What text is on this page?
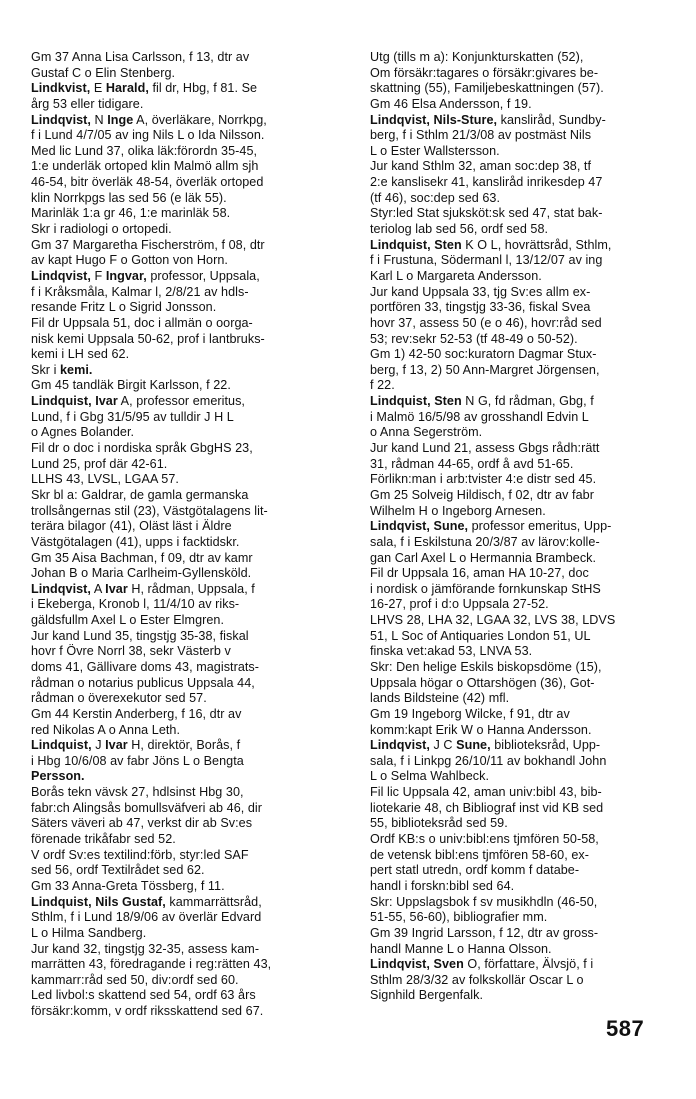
Gm 37 Anna Lisa Carlsson, f 13, dtr av
Gustaf C o Elin Stenberg.
Lindkvist, E Harald, fil dr, Hbg, f 81. Se
årg 53 eller tidigare.
Lindqvist, N Inge A, överläkare, Norrkpg,
f i Lund 4/7/05 av ing Nils L o Ida Nilsson.
Med lic Lund 37, olika läk:förordn 35-45,
1:e underläk ortoped klin Malmö allm sjh
46-54, bitr överläk 48-54, överläk ortoped
klin Norrkpgs las sed 56 (e läk 55).
Marinläk 1:a gr 46, 1:e marinläk 58.
Skr i radiologi o ortopedi.
Gm 37 Margaretha Fischerström, f 08, dtr
av kapt Hugo F o Gotton von Horn.
Lindqvist, F Ingvar, professor, Uppsala,
f i Kråksmåla, Kalmar l, 2/8/21 av hdls-
resande Fritz L o Sigrid Jonsson.
Fil dr Uppsala 51, doc i allmän o oorga-
nisk kemi Uppsala 50-62, prof i lantbruks-
kemi i LH sed 62.
Skr i kemi.
Gm 45 tandläk Birgit Karlsson, f 22.
Lindquist, Ivar A, professor emeritus,
Lund, f i Gbg 31/5/95 av tulldir J H L
o Agnes Bolander.
Fil dr o doc i nordiska språk GbgHS 23,
Lund 25, prof där 42-61.
LLHS 43, LVSL, LGAA 57.
Skr bl a: Galdrar, de gamla germanska
trollsångernas stil (23), Västgötalagens lit-
terära bilagor (41), Oläst läst i Äldre
Västgötalagen (41), upps i facktidskr.
Gm 35 Aisa Bachman, f 09, dtr av kamr
Johan B o Maria Carlheim-Gyllensköld.
Lindqvist, A Ivar H, rådman, Uppsala, f
i Ekeberga, Kronob l, 11/4/10 av riks-
gäldsfullm Axel L o Ester Elmgren.
Jur kand Lund 35, tingstjg 35-38, fiskal
hovr f Övre Norrl 38, sekr Västerb v
doms 41, Gällivare doms 43, magistrats-
rådman o notarius publicus Uppsala 44,
rådman o överexekutor sed 57.
Gm 44 Kerstin Anderberg, f 16, dtr av
red Nikolas A o Anna Leth.
Lindquist, J Ivar H, direktör, Borås, f
i Hbg 10/6/08 av fabr Jöns L o Bengta
Persson.
Borås tekn vävsk 27, hdlsinst Hbg 30,
fabr:ch Alingsås bomullsväfveri ab 46, dir
Säters väveri ab 47, verkst dir ab Sv:es
förenade trikåfabr sed 52.
V ordf Sv:es textilind:förb, styr:led SAF
sed 56, ordf Textilrådet sed 62.
Gm 33 Anna-Greta Tössberg, f 11.
Lindquist, Nils Gustaf, kammarrättsråd,
Sthlm, f i Lund 18/9/06 av överlär Edvard
L o Hilma Sandberg.
Jur kand 32, tingstjg 32-35, assess kam-
marrätten 43, föredragande i reg:rätten 43,
kammarr:råd sed 50, div:ordf sed 60.
Led livbol:s skattend sed 54, ordf 63 års
försäkr:komm, v ordf riksskattend sed 67.
Utg (tills m a): Konjunkturskatten (52),
Om försäkr:tagares o försäkr:givares be-
skattning (55), Familjebeskattningen (57).
Gm 46 Elsa Andersson, f 19.
Lindqvist, Nils-Sture, kanslіråd, Sundby-
berg, f i Sthlm 21/3/08 av postmäst Nils
L o Ester Wallstersson.
Jur kand Sthlm 32, aman soc:dep 38, tf
2:e kanslisekr 41, kansliråd inrikesdep 47
(tf 46), soc:dep sed 63.
Styr:led Stat sjukskӧt:sk sed 47, stat bak-
teriolog lab sed 56, ordf sed 58.
Lindquist, Sten K O L, hovrättsråd, Sthlm,
f i Frustuna, Södermanl l, 13/12/07 av ing
Karl L o Margareta Andersson.
Jur kand Uppsala 33, tjg Sv:es allm ex-
portfören 33, tingstjg 33-36, fiskal Svea
hovr 37, assess 50 (e o 46), hovr:råd sed
53; rev:sekr 52-53 (tf 48-49 o 50-52).
Gm 1) 42-50 soc:kuratorn Dagmar Stux-
berg, f 13, 2) 50 Ann-Margret Jörgensen,
f 22.
Lindquist, Sten N G, fd rådman, Gbg, f
i Malmö 16/5/98 av grosshandl Edvin L
o Anna Segerström.
Jur kand Lund 21, assess Gbgs rådh:rätt
31, rådman 44-65, ordf å avd 51-65.
Förlikn:man i arb:tvister 4:e distr sed 45.
Gm 25 Solveig Hildisch, f 02, dtr av fabr
Wilhelm H o Ingeborg Arnesen.
Lindqvist, Sune, professor emeritus, Upp-
sala, f i Eskilstuna 20/3/87 av lärov:kolle-
gan Carl Axel L o Hermannia Brambeck.
Fil dr Uppsala 16, aman HA 10-27, doc
i nordisk o jämförande fornkunskap StHS
16-27, prof i d:o Uppsala 27-52.
LHVS 28, LHA 32, LGAA 32, LVS 38, LDVS
51, L Soc of Antiquaries London 51, UL
finska vet:akad 53, LNVA 53.
Skr: Den helige Eskils biskopsdöme (15),
Uppsala högar o Ottarshögen (36), Got-
lands Bildsteine (42) mfl.
Gm 19 Ingeborg Wilcke, f 91, dtr av
komm:kapt Erik W o Hanna Andersson.
Lindqvist, J C Sune, biblioteksråd, Upp-
sala, f i Linkpg 26/10/11 av bokhandl John
L o Selma Wahlbeck.
Fil lic Uppsala 42, aman univ:bibl 43, bib-
liotekarie 48, ch Bibliograf inst vid KB sed
55, biblioteksråd sed 59.
Ordf KB:s o univ:bibl:ens tjmfӧren 50-58,
de vetensk bibl:ens tjmfӧren 58-60, ex-
pert statl utredn, ordf komm f databe-
handl i forskn:bibl sed 64.
Skr: Uppslagsbok f sv musikhdln (46-50,
51-55, 56-60), bibliografier mm.
Gm 39 Ingrid Larsson, f 12, dtr av gross-
handl Manne L o Hanna Olsson.
Lindqvist, Sven O, författare, Älvsjö, f i
Sthlm 28/3/32 av folkskollär Oscar L o
Signhild Bergenfalk.
587
